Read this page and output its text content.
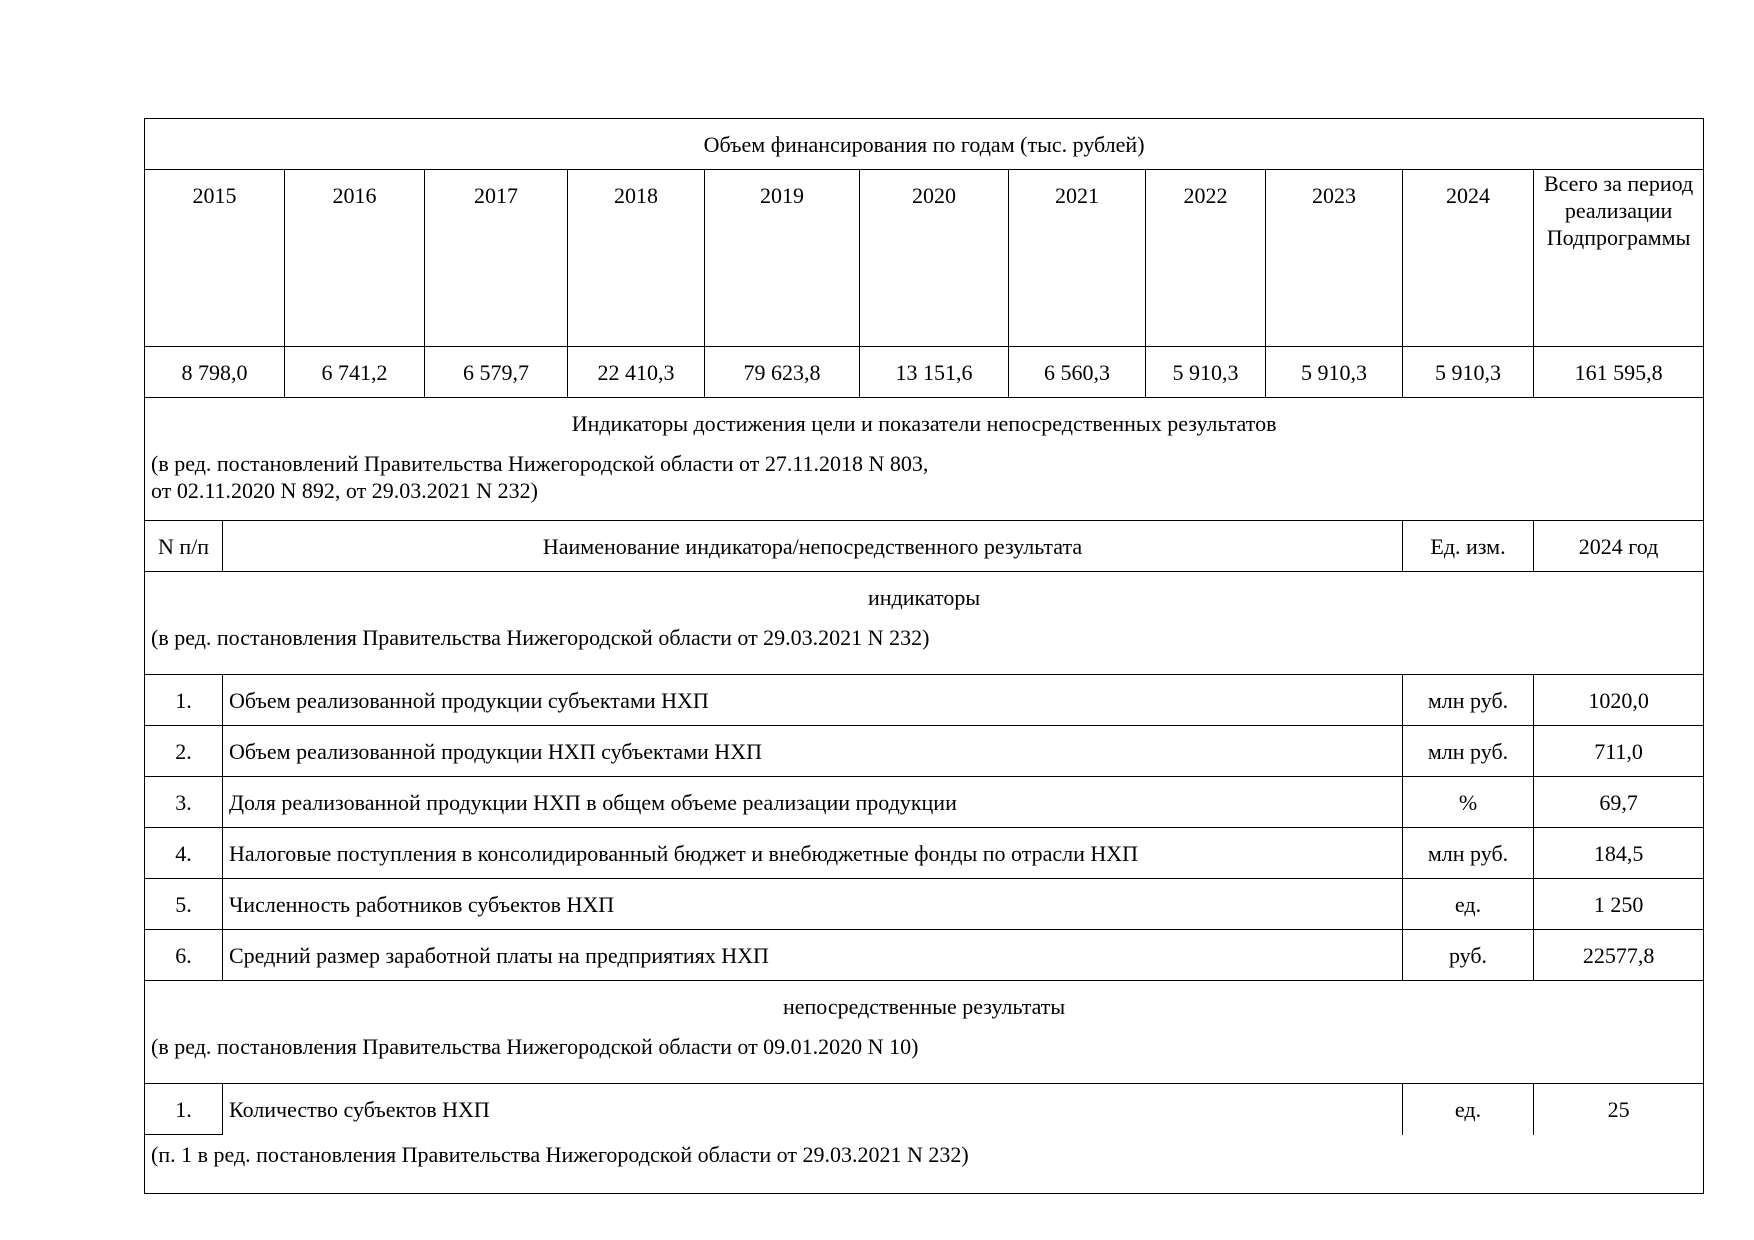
Объем финансирования по годам (тыс. рублей)											
2015		2016	2017	2018	2019	2020	2021	2022	2023	2024	Всего за период реализации Подпрограммы
8 798,0		6 741,2	6 579,7	22 410,3	79 623,8	13 151,6	6 560,3	5 910,3	5 910,3	5 910,3	161 595,8
Индикаторы достижения цели и показатели непосредственных результатов											

(в ред. постановлений Правительства Нижегородской области от 27.11.2018 N 803,
от 02.11.2020 N 892, от 29.03.2021 N 232)											

N п/п	Наименование индикатора/непосредственного результата									Ед. изм.	2024 год
индикаторы											
(в ред. постановления Правительства Нижегородской области от 29.03.2021 N 232)											
1.	Объем реализованной продукции субъектами НХП									млн руб.	1020,0
2.	Объем реализованной продукции НХП субъектами НХП									млн руб.	711,0
3.	Доля реализованной продукции НХП в общем объеме реализации продукции									%	69,7
4.	Налоговые поступления в консолидированный бюджет и внебюджетные фонды по отрасли НХП									млн руб.	184,5
5.	Численность работников субъектов НХП									ед.	1 250
6.	Средний размер заработной платы на предприятиях НХП									руб.	22577,8
непосредственные результаты											
(в ред. постановления Правительства Нижегородской области от 09.01.2020 N 10)											
1.	Количество субъектов НХП									ед.	25
(п. 1 в ред. постановления Правительства Нижегородской области от 29.03.2021 N 232)											
